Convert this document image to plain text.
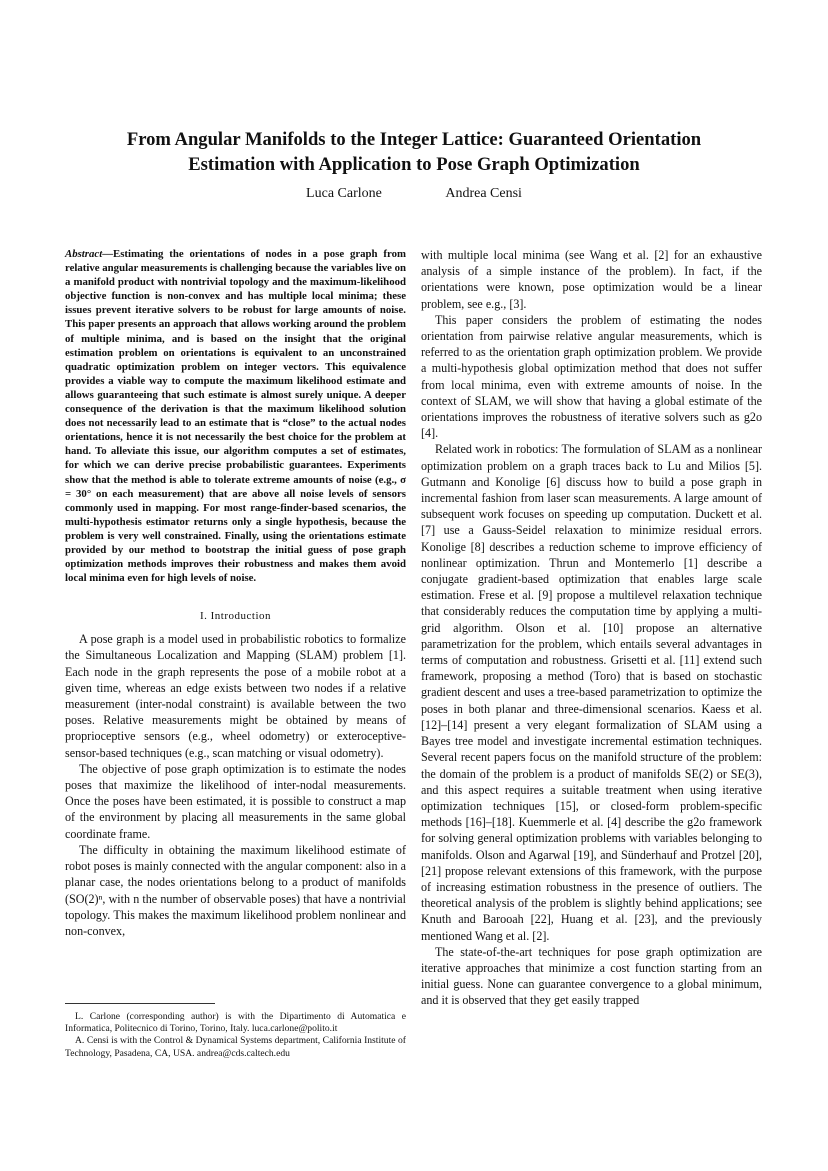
From Angular Manifolds to the Integer Lattice: Guaranteed Orientation
Estimation with Application to Pose Graph Optimization
Luca Carlone	Andrea Censi

Abstract—Estimating the orientations of nodes in a pose graph from relative angular measurements is challenging because the variables live on a manifold product with nontrivial topology and the maximum-likelihood objective function is non-convex and has multiple local minima; these issues prevent iterative solvers to be robust for large amounts of noise. This paper presents an approach that allows working around the problem of multiple minima, and is based on the insight that the original estimation problem on orientations is equivalent to an unconstrained quadratic optimization problem on integer vectors. This equivalence provides a viable way to compute the maximum likelihood estimate and allows guaranteeing that such estimate is almost surely unique. A deeper consequence of the derivation is that the maximum likelihood solution does not necessarily lead to an estimate that is “close” to the actual nodes orientations, hence it is not necessarily the best choice for the problem at hand. To alleviate this issue, our algorithm computes a set of estimates, for which we can derive precise probabilistic guarantees. Experiments show that the method is able to tolerate extreme amounts of noise (e.g., σ = 30° on each measurement) that are above all noise levels of sensors commonly used in mapping. For most range-finder-based scenarios, the multi-hypothesis estimator returns only a single hypothesis, because the problem is very well constrained. Finally, using the orientations estimate provided by our method to bootstrap the initial guess of pose graph optimization methods improves their robustness and makes them avoid local minima even for high levels of noise.

I. Introduction

A pose graph is a model used in probabilistic robotics to formalize the Simultaneous Localization and Mapping (SLAM) problem [1]. Each node in the graph represents the pose of a mobile robot at a given time, whereas an edge exists between two nodes if a relative measurement (inter-nodal constraint) is available between the two poses. Relative measurements might be obtained by means of proprioceptive sensors (e.g., wheel odometry) or exteroceptive-sensor-based techniques (e.g., scan matching or visual odometry).

The objective of pose graph optimization is to estimate the nodes poses that maximize the likelihood of inter-nodal measurements. Once the poses have been estimated, it is possible to construct a map of the environment by placing all measurements in the same global coordinate frame.

The difficulty in obtaining the maximum likelihood estimate of robot poses is mainly connected with the angular component: also in a planar case, the nodes orientations belong to a product of manifolds (SO(2)ⁿ, with n the number of observable poses) that have a nontrivial topology. This makes the maximum likelihood problem nonlinear and non-convex,

with multiple local minima (see Wang et al. [2] for an exhaustive analysis of a simple instance of the problem). In fact, if the orientations were known, pose optimization would be a linear problem, see e.g., [3].

This paper considers the problem of estimating the nodes orientation from pairwise relative angular measurements, which is referred to as the orientation graph optimization problem. We provide a multi-hypothesis global optimization method that does not suffer from local minima, even with extreme amounts of noise. In the context of SLAM, we will show that having a global estimate of the orientations improves the robustness of iterative solvers such as g2o [4].

Related work in robotics: The formulation of SLAM as a nonlinear optimization problem on a graph traces back to Lu and Milios [5]. Gutmann and Konolige [6] discuss how to build a pose graph in incremental fashion from laser scan measurements. A large amount of subsequent work focuses on speeding up computation. Duckett et al. [7] use a Gauss-Seidel relaxation to minimize residual errors. Konolige [8] describes a reduction scheme to improve efficiency of nonlinear optimization. Thrun and Montemerlo [1] describe a conjugate gradient-based optimization that enables large scale estimation. Frese et al. [9] propose a multilevel relaxation technique that considerably reduces the computation time by applying a multi-grid algorithm. Olson et al. [10] propose an alternative parametrization for the problem, which entails several advantages in terms of computation and robustness. Grisetti et al. [11] extend such framework, proposing a method (Toro) that is based on stochastic gradient descent and uses a tree-based parametrization to optimize the poses in both planar and three-dimensional scenarios. Kaess et al. [12]–[14] present a very elegant formalization of SLAM using a Bayes tree model and investigate incremental estimation techniques. Several recent papers focus on the manifold structure of the problem: the domain of the problem is a product of manifolds SE(2) or SE(3), and this aspect requires a suitable treatment when using iterative optimization techniques [15], or closed-form problem-specific methods [16]–[18]. Kuemmerle et al. [4] describe the g2o framework for solving general optimization problems with variables belonging to manifolds. Olson and Agarwal [19], and Sünderhauf and Protzel [20], [21] propose relevant extensions of this framework, with the purpose of increasing estimation robustness in the presence of outliers. The theoretical analysis of the problem is slightly behind applications; see Knuth and Barooah [22], Huang et al. [23], and the previously mentioned Wang et al. [2].

The state-of-the-art techniques for pose graph optimization are iterative approaches that minimize a cost function starting from an initial guess. None can guarantee convergence to a global minimum, and it is observed that they get easily trapped

L. Carlone (corresponding author) is with the Dipartimento di Automatica e Informatica, Politecnico di Torino, Torino, Italy. luca.carlone@polito.it

A. Censi is with the Control & Dynamical Systems department, California Institute of Technology, Pasadena, CA, USA. andrea@cds.caltech.edu
